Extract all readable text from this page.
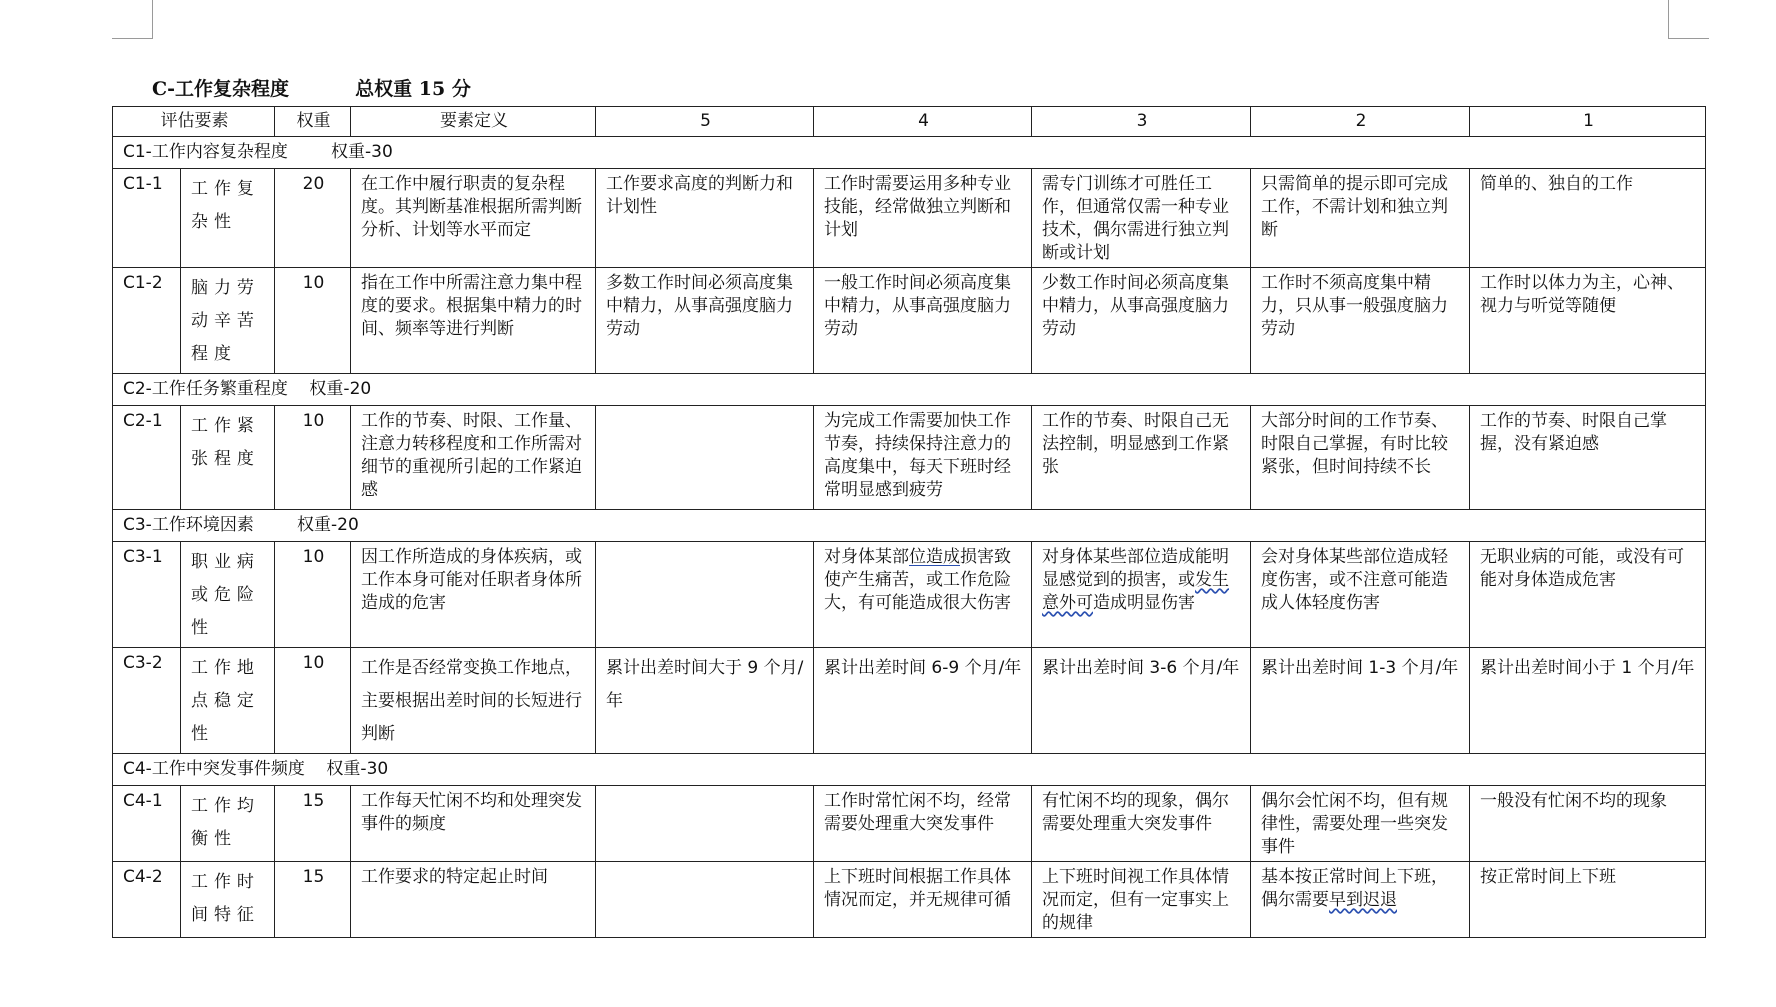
C-工作复杂程度	总权重 15 分
评估要素		权重	要素定义	5	4	3	2	1
C1-工作内容复杂程度        权重-30								
C1-1	工作复杂性	20	在工作中履行职责的复杂程度。其判断基准根据所需判断分析、计划等水平而定	工作要求高度的判断力和计划性	工作时需要运用多种专业技能，经常做独立判断和计划	需专门训练才可胜任工作，但通常仅需一种专业技术，偶尔需进行独立判断或计划	只需简单的提示即可完成工作，不需计划和独立判断	简单的、独自的工作
C1-2	脑力劳动辛苦程度	10	指在工作中所需注意力集中程度的要求。根据集中精力的时间、频率等进行判断	多数工作时间必须高度集中精力，从事高强度脑力劳动	一般工作时间必须高度集中精力，从事高强度脑力劳动	少数工作时间必须高度集中精力，从事高强度脑力劳动	工作时不须高度集中精力，只从事一般强度脑力劳动	工作时以体力为主，心神、视力与听觉等随便
C2-工作任务繁重程度    权重-20								
C2-1	工作紧张程度	10	工作的节奏、时限、工作量、注意力转移程度和工作所需对细节的重视所引起的工作紧迫感		为完成工作需要加快工作节奏，持续保持注意力的高度集中，每天下班时经常明显感到疲劳	工作的节奏、时限自己无法控制，明显感到工作紧张	大部分时间的工作节奏、时限自己掌握，有时比较紧张，但时间持续不长	工作的节奏、时限自己掌握，没有紧迫感
C3-工作环境因素        权重-20								
C3-1	职业病或危险性	10	因工作所造成的身体疾病，或工作本身可能对任职者身体所造成的危害		对身体某部位造成损害致使产生痛苦，或工作危险大，有可能造成很大伤害	对身体某些部位造成能明显感觉到的损害，或发生意外可造成明显伤害	会对身体某些部位造成轻度伤害，或不注意可能造成人体轻度伤害	无职业病的可能，或没有可能对身体造成危害
C3-2	工作地点稳定性	10	工作是否经常变换工作地点，主要根据出差时间的长短进行判断	累计出差时间大于 9 个月/年	累计出差时间 6-9 个月/年	累计出差时间 3-6 个月/年	累计出差时间 1-3 个月/年	累计出差时间小于 1 个月/年
C4-工作中突发事件频度    权重-30								
C4-1	工作均衡性	15	工作每天忙闲不均和处理突发事件的频度		工作时常忙闲不均，经常需要处理重大突发事件	有忙闲不均的现象，偶尔需要处理重大突发事件	偶尔会忙闲不均，但有规律性，需要处理一些突发事件	一般没有忙闲不均的现象
C4-2	工作时间特征	15	工作要求的特定起止时间		上下班时间根据工作具体情况而定，并无规律可循	上下班时间视工作具体情况而定，但有一定事实上的规律	基本按正常时间上下班，偶尔需要早到迟退	按正常时间上下班
